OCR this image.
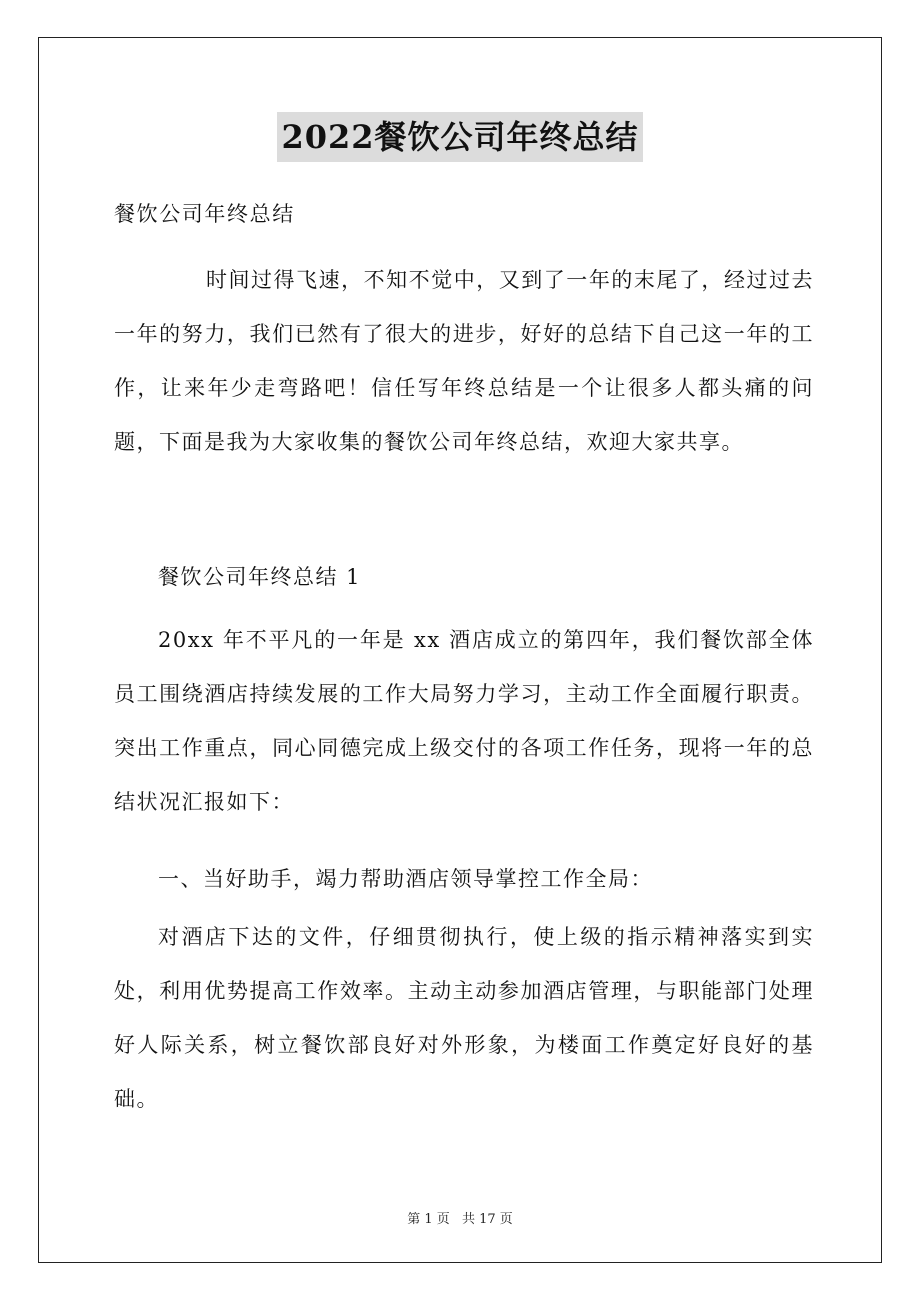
2022餐饮公司年终总结
餐饮公司年终总结
时间过得飞速，不知不觉中，又到了一年的末尾了，经过过去一年的努力，我们已然有了很大的进步，好好的总结下自己这一年的工作，让来年少走弯路吧！信任写年终总结是一个让很多人都头痛的问题，下面是我为大家收集的餐饮公司年终总结，欢迎大家共享。
餐饮公司年终总结 1
20xx 年不平凡的一年是 xx 酒店成立的第四年，我们餐饮部全体员工围绕酒店持续发展的工作大局努力学习，主动工作全面履行职责。突出工作重点，同心同德完成上级交付的各项工作任务，现将一年的总结状况汇报如下：
一、当好助手，竭力帮助酒店领导掌控工作全局：
对酒店下达的文件，仔细贯彻执行，使上级的指示精神落实到实处，利用优势提高工作效率。主动主动参加酒店管理，与职能部门处理好人际关系，树立餐饮部良好对外形象，为楼面工作奠定好良好的基础。
第 1 页 共 17 页
